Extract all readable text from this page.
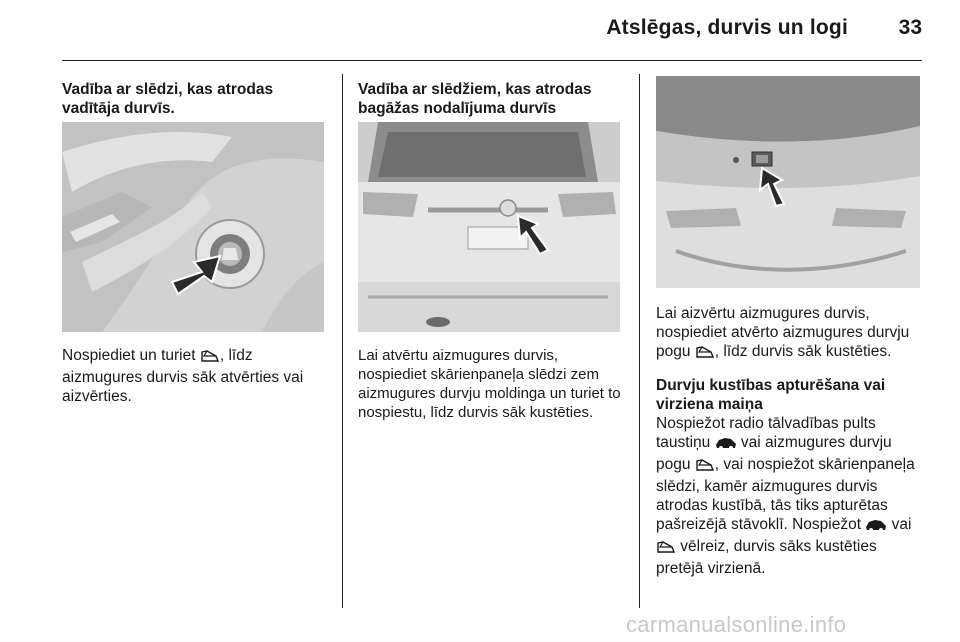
Atslēgas, durvis un logi 33

Vadība ar slēdzi, kas atrodas vadītāja durvīs.

Nospiediet un turiet , līdz aizmugures durvis sāk atvērties vai aizvērties.

Vadība ar slēdžiem, kas atrodas bagāžas nodalījuma durvīs

Lai atvērtu aizmugures durvis, nospiediet skārienpaneļa slēdzi zem aizmugures durvju moldinga un turiet to nospiestu, līdz durvis sāk kustēties.

Lai aizvērtu aizmugures durvis, nospiediet atvērto aizmugures durvju pogu , līdz durvis sāk kustēties.

Durvju kustības apturēšana vai virziena maiņa

Nospiežot radio tālvadības pults taustiņu  vai aizmugures durvju pogu , vai nospiežot skārienpaneļa slēdzi, kamēr aizmugures durvis atrodas kustībā, tās tiks apturētas pašreizējā stāvoklī. Nospiežot  vai  vēlreiz, durvis sāks kustēties pretējā virzienā.

carmanualsonline.info
